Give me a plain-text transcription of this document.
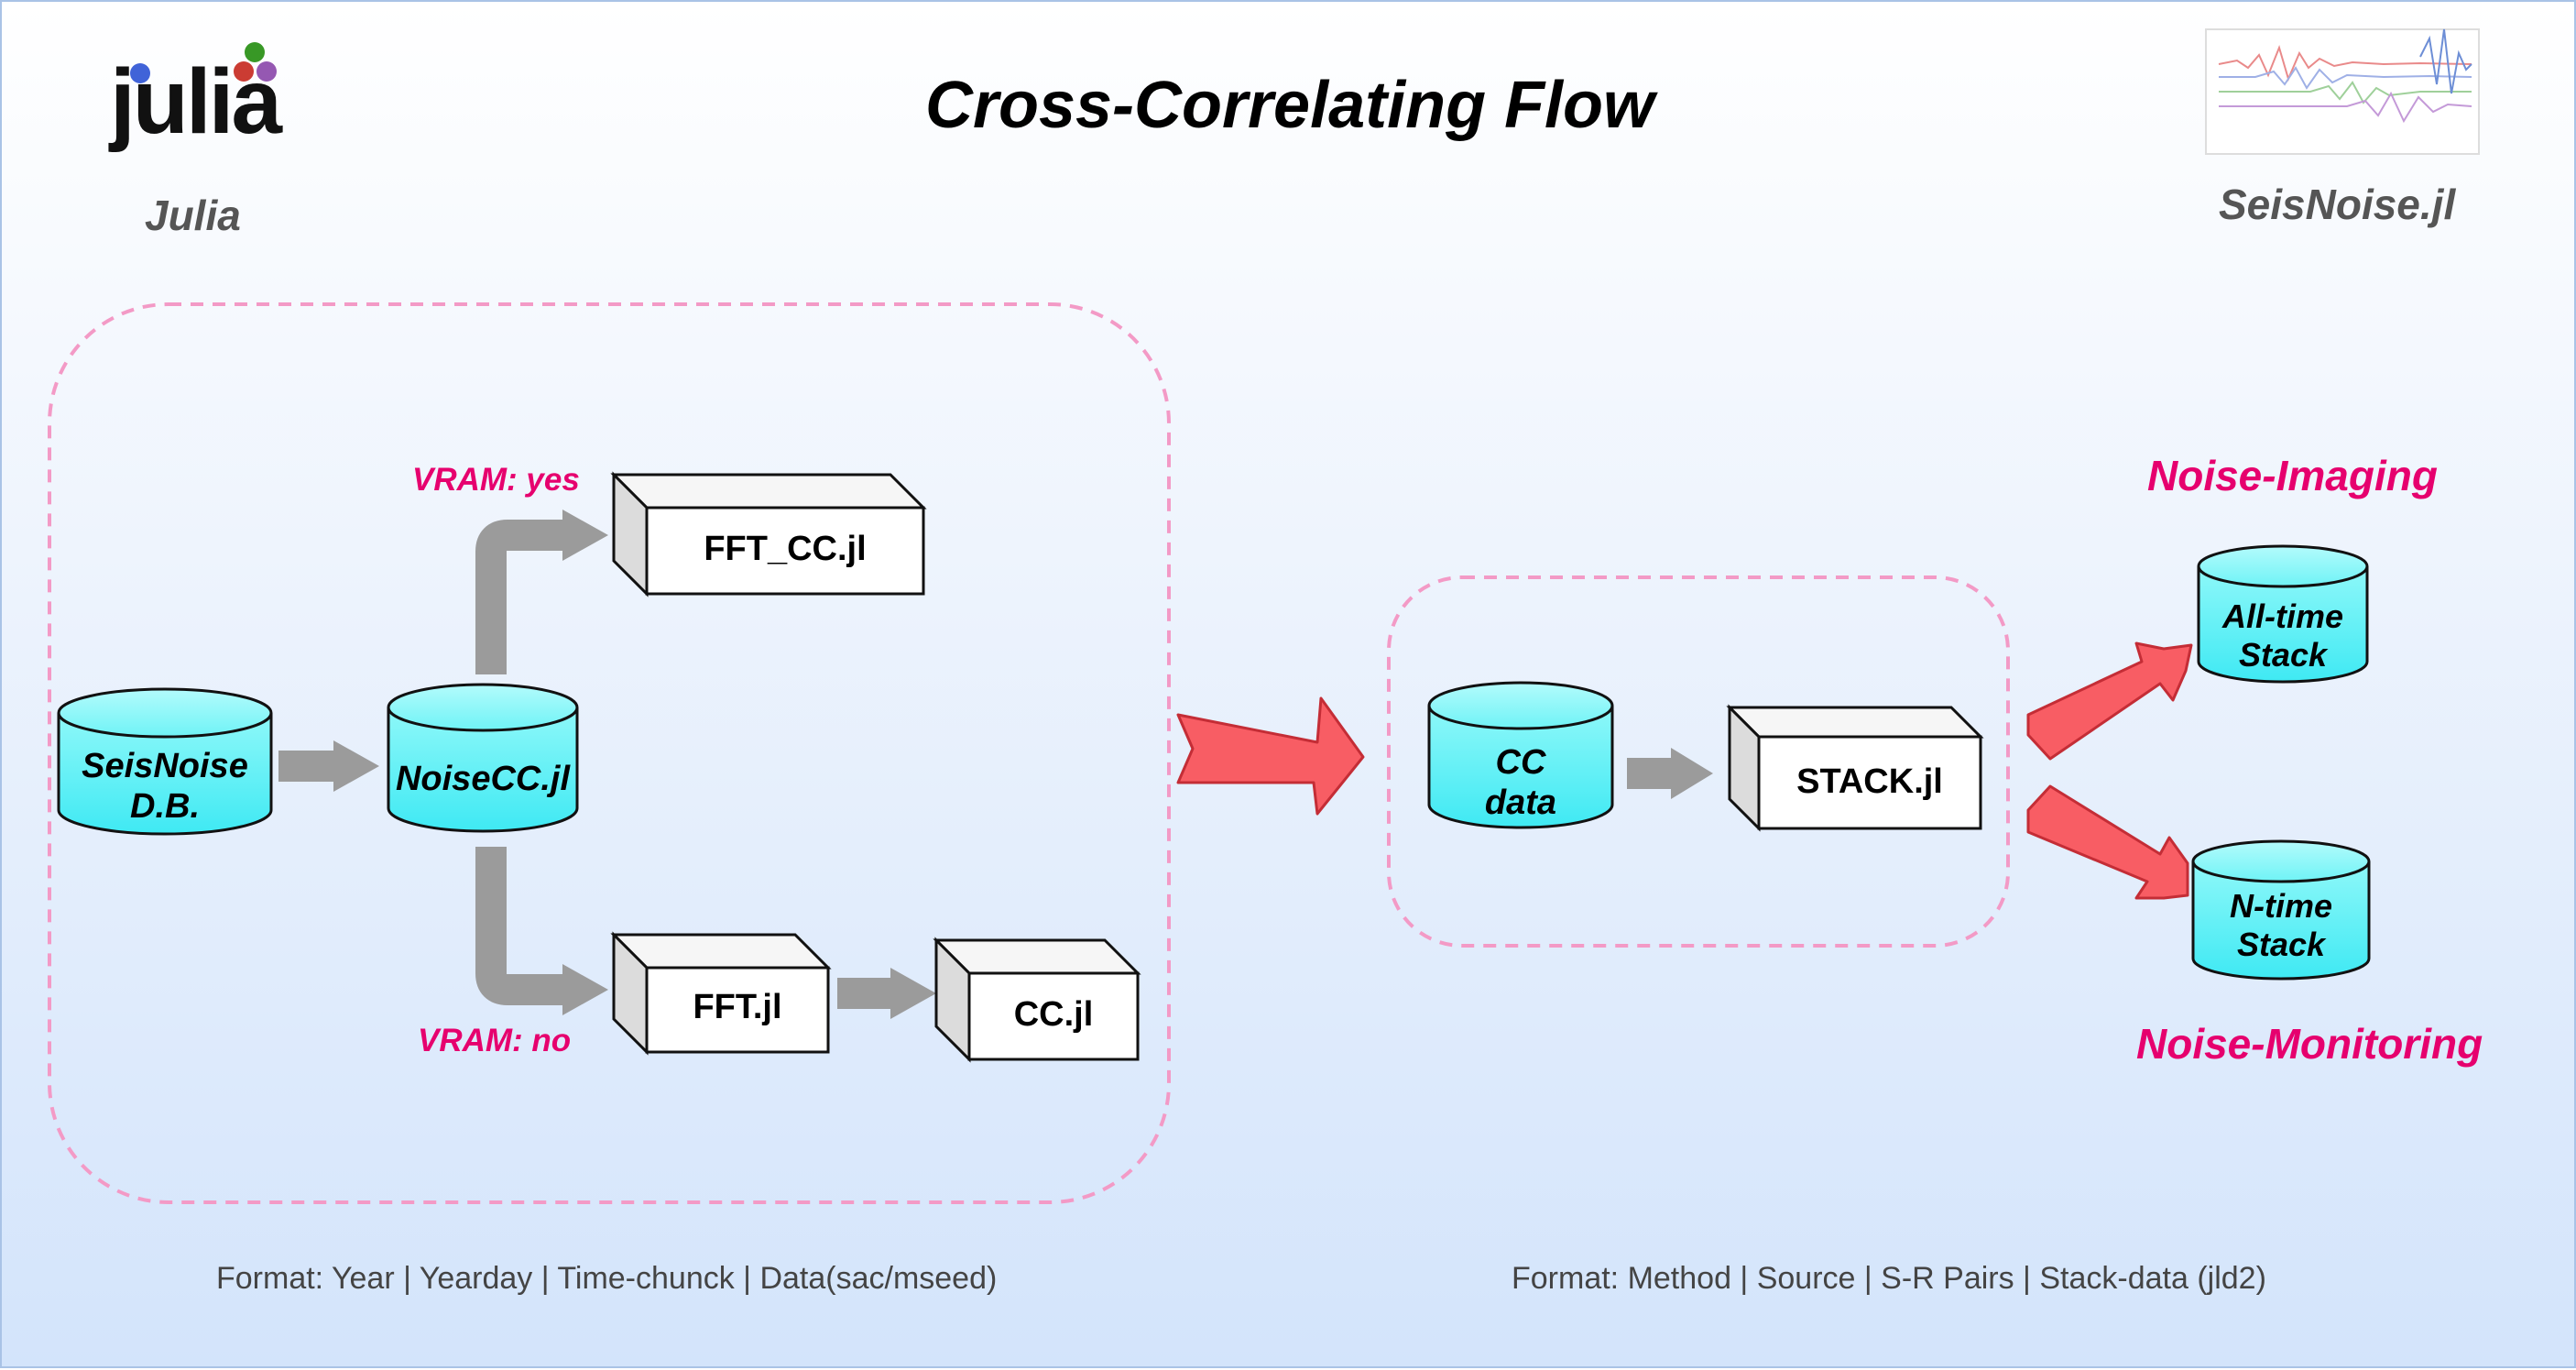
Cross-Correlating Flow
julia
Julia	SeisNoise.jl
VRAM: yes
VRAM: no
Noise-Imaging
Noise-Monitoring
SeisNoise
D.B.
NoiseCC.jl	CC
data
All-time
Stack
N-time
Stack
FFT_CC.jl
FFT.jl	CC.jl
STACK.jl
Format: Year | Yearday | Time-chunck | Data(sac/mseed)	Format: Method | Source | S-R Pairs | Stack-data (jld2)
